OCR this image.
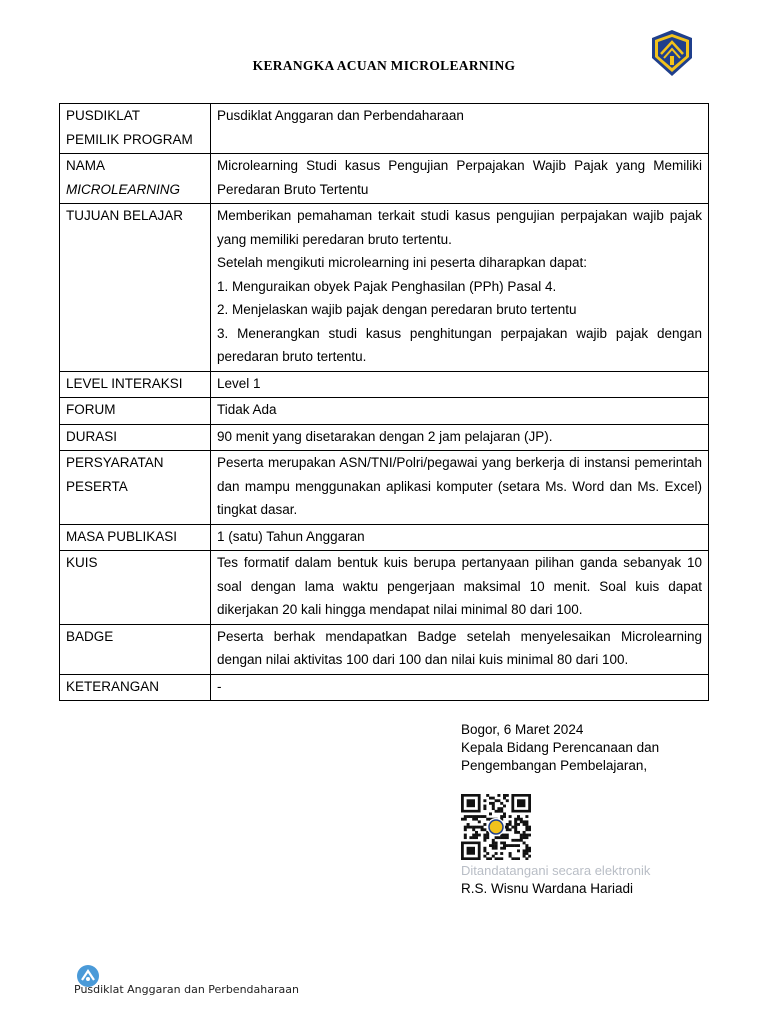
KERANGKA ACUAN MICROLEARNING
PUSDIKLAT
PEMILIK PROGRAM	Pusdiklat Anggaran dan Perbendaharaan

NAMA
MICROLEARNING	Microlearning Studi kasus Pengujian Perpajakan Wajib Pajak yang Memiliki Peredaran Bruto Tertentu

TUJUAN BELAJAR	Memberikan pemahaman terkait studi kasus pengujian perpajakan wajib pajak yang memiliki peredaran bruto tertentu.
Setelah mengikuti microlearning ini peserta diharapkan dapat:
1. Menguraikan obyek Pajak Penghasilan (PPh) Pasal 4.
2. Menjelaskan wajib pajak dengan peredaran bruto tertentu
3. Menerangkan studi kasus penghitungan perpajakan wajib pajak dengan peredaran bruto tertentu.

LEVEL INTERAKSI	Level 1

FORUM	Tidak Ada

DURASI	90 menit yang disetarakan dengan 2 jam pelajaran (JP).

PERSYARATAN
PESERTA	Peserta merupakan ASN/TNI/Polri/pegawai yang berkerja di instansi pemerintah dan mampu menggunakan aplikasi komputer (setara Ms. Word dan Ms. Excel) tingkat dasar.

MASA PUBLIKASI	1 (satu) Tahun Anggaran

KUIS	Tes formatif dalam bentuk kuis berupa pertanyaan pilihan ganda sebanyak 10 soal dengan lama waktu pengerjaan maksimal 10 menit. Soal kuis dapat dikerjakan 20 kali hingga mendapat nilai minimal 80 dari 100.

BADGE	Peserta berhak mendapatkan Badge setelah menyelesaikan Microlearning dengan nilai aktivitas 100 dari 100 dan nilai kuis minimal 80 dari 100.

KETERANGAN	-
Bogor, 6 Maret 2024
Kepala Bidang Perencanaan dan
Pengembangan Pembelajaran,
Ditandatangani secara elektronik
R.S. Wisnu Wardana Hariadi
Pusdiklat Anggaran dan Perbendaharaan
